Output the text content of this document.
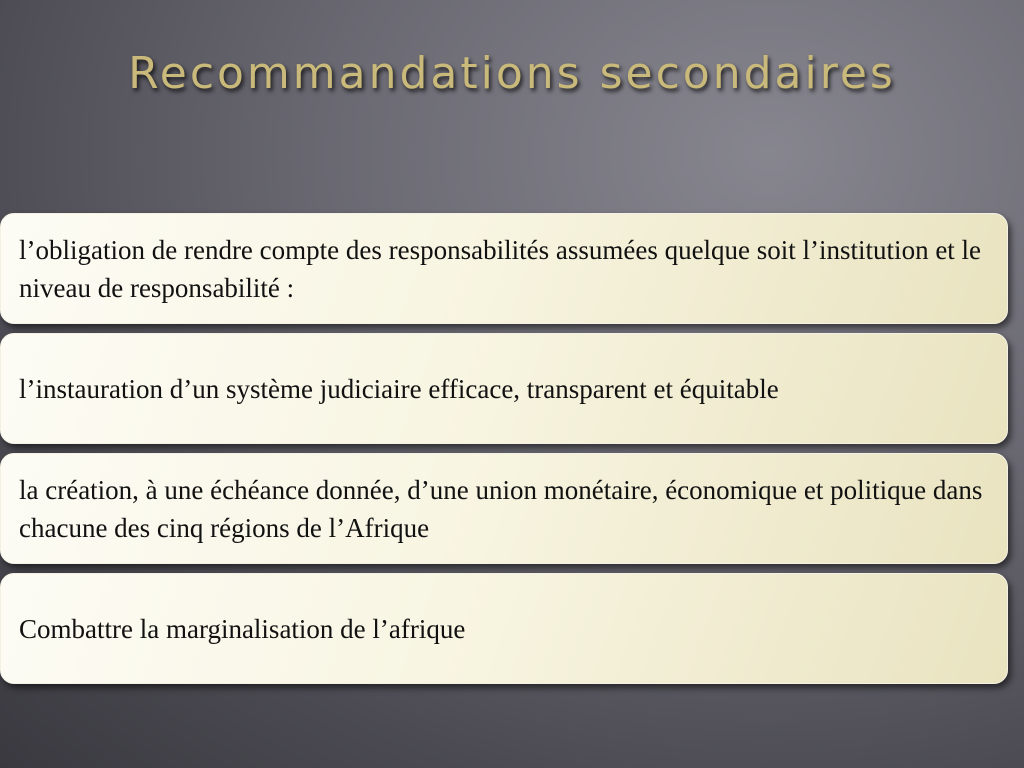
Recommandations secondaires
l’obligation de rendre compte des responsabilités assumées quelque soit l’institution et le niveau de responsabilité :
l’instauration d’un système judiciaire efficace, transparent et équitable
la création, à une échéance donnée, d’une union monétaire, économique et politique dans chacune des cinq régions de l’Afrique
Combattre la marginalisation de l’afrique
